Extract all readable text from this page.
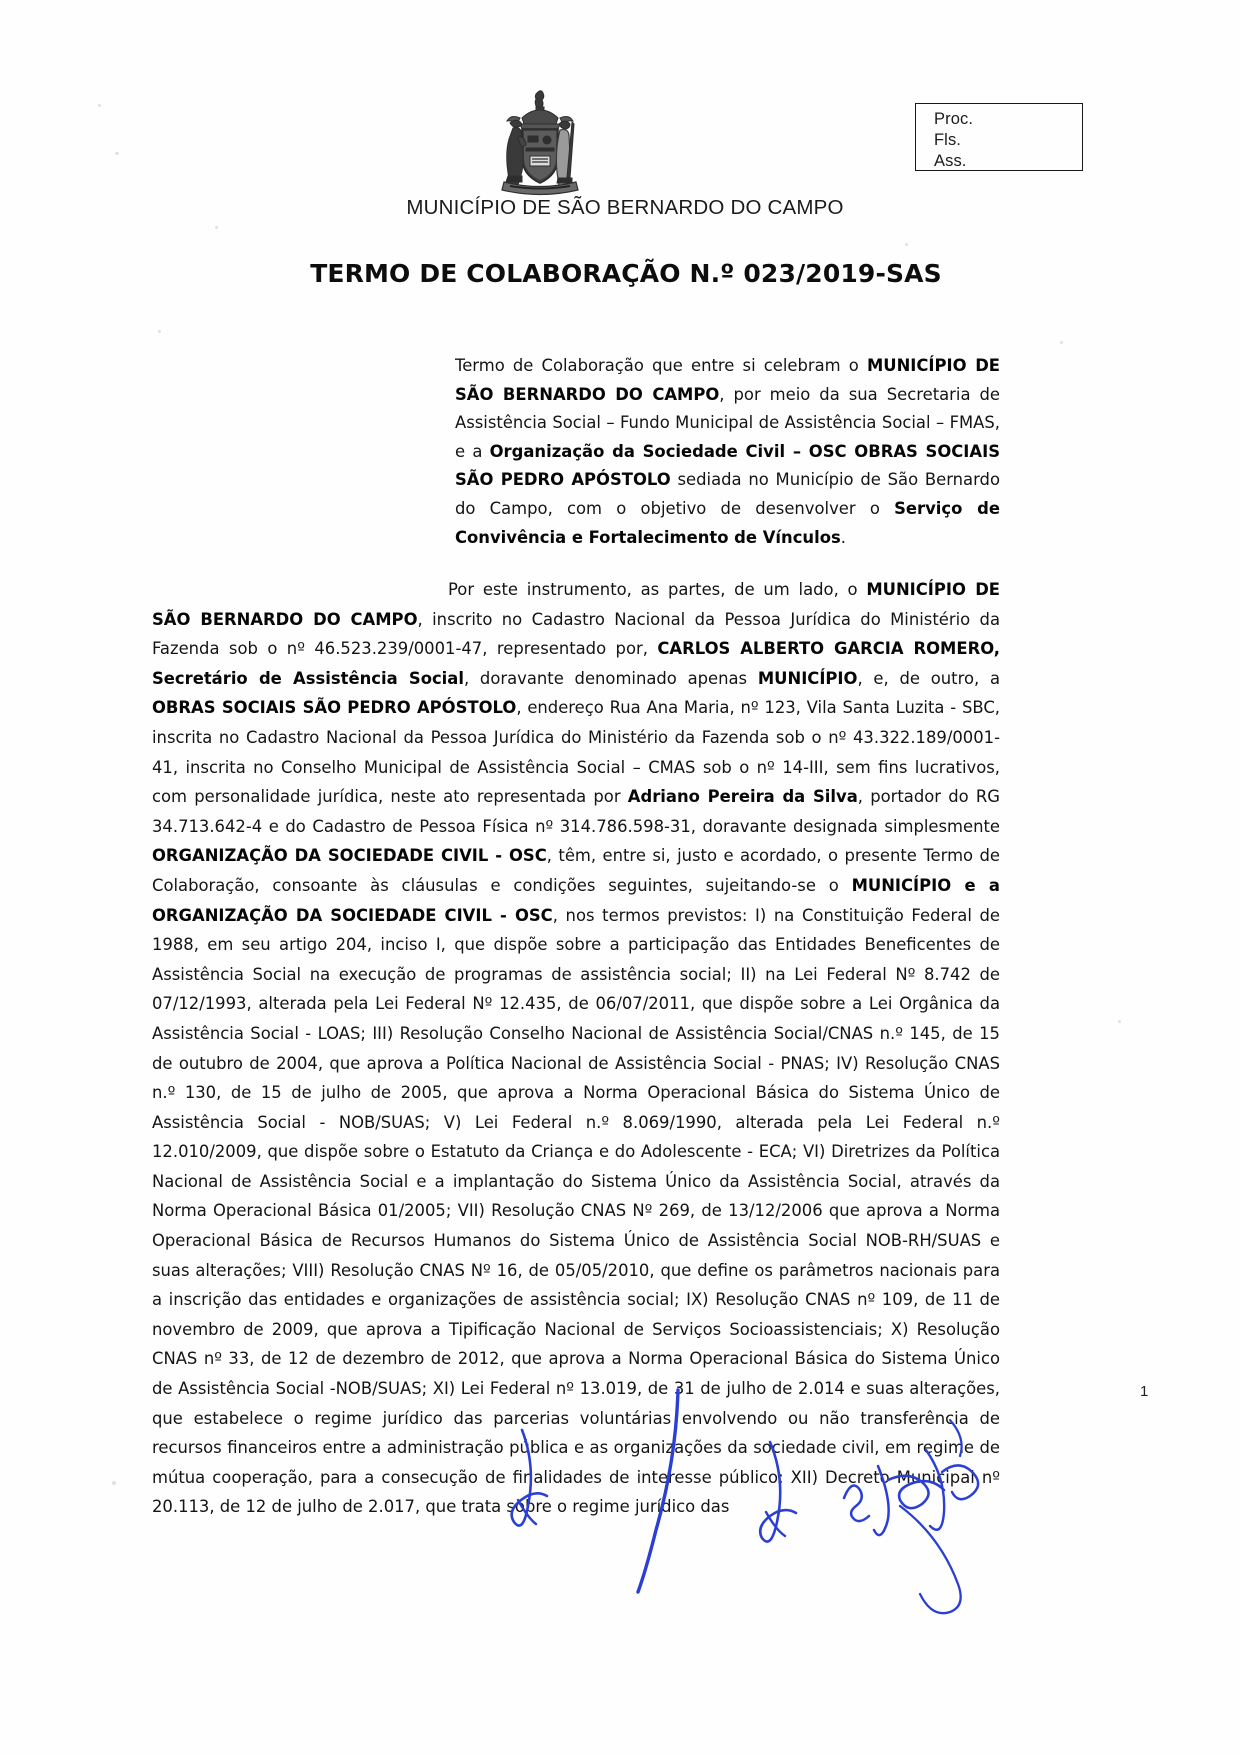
Proc.
Fls.
Ass.
MUNICÍPIO DE SÃO BERNARDO DO CAMPO
TERMO DE COLABORAÇÃO N.º 023/2019-SAS
Termo de Colaboração que entre si celebram o MUNICÍPIO DE SÃO BERNARDO DO CAMPO, por meio da sua Secretaria de Assistência Social – Fundo Municipal de Assistência Social – FMAS, e a Organização da Sociedade Civil – OSC OBRAS SOCIAIS SÃO PEDRO APÓSTOLO sediada no Município de São Bernardo do Campo, com o objetivo de desenvolver o Serviço de Convivência e Fortalecimento de Vínculos.
Por este instrumento, as partes, de um lado, o MUNICÍPIO DE SÃO BERNARDO DO CAMPO, inscrito no Cadastro Nacional da Pessoa Jurídica do Ministério da Fazenda sob o nº 46.523.239/0001-47, representado por, CARLOS ALBERTO GARCIA ROMERO, Secretário de Assistência Social, doravante denominado apenas MUNICÍPIO, e, de outro, a OBRAS SOCIAIS SÃO PEDRO APÓSTOLO, endereço Rua Ana Maria, nº 123, Vila Santa Luzita - SBC, inscrita no Cadastro Nacional da Pessoa Jurídica do Ministério da Fazenda sob o nº 43.322.189/0001-41, inscrita no Conselho Municipal de Assistência Social – CMAS sob o nº 14-III, sem fins lucrativos, com personalidade jurídica, neste ato representada por Adriano Pereira da Silva, portador do RG 34.713.642-4 e do Cadastro de Pessoa Física nº 314.786.598-31, doravante designada simplesmente ORGANIZAÇÃO DA SOCIEDADE CIVIL - OSC, têm, entre si, justo e acordado, o presente Termo de Colaboração, consoante às cláusulas e condições seguintes, sujeitando-se o MUNICÍPIO e a ORGANIZAÇÃO DA SOCIEDADE CIVIL - OSC, nos termos previstos: I) na Constituição Federal de 1988, em seu artigo 204, inciso I, que dispõe sobre a participação das Entidades Beneficentes de Assistência Social na execução de programas de assistência social; II) na Lei Federal Nº 8.742 de 07/12/1993, alterada pela Lei Federal Nº 12.435, de 06/07/2011, que dispõe sobre a Lei Orgânica da Assistência Social - LOAS; III) Resolução Conselho Nacional de Assistência Social/CNAS n.º 145, de 15 de outubro de 2004, que aprova a Política Nacional de Assistência Social - PNAS; IV) Resolução CNAS n.º 130, de 15 de julho de 2005, que aprova a Norma Operacional Básica do Sistema Único de Assistência Social - NOB/SUAS; V) Lei Federal n.º 8.069/1990, alterada pela Lei Federal n.º 12.010/2009, que dispõe sobre o Estatuto da Criança e do Adolescente - ECA; VI) Diretrizes da Política Nacional de Assistência Social e a implantação do Sistema Único da Assistência Social, através da Norma Operacional Básica 01/2005; VII) Resolução CNAS Nº 269, de 13/12/2006 que aprova a Norma Operacional Básica de Recursos Humanos do Sistema Único de Assistência Social NOB-RH/SUAS e suas alterações; VIII) Resolução CNAS Nº 16, de 05/05/2010, que define os parâmetros nacionais para a inscrição das entidades e organizações de assistência social; IX) Resolução CNAS nº 109, de 11 de novembro de 2009, que aprova a Tipificação Nacional de Serviços Socioassistenciais; X) Resolução CNAS nº 33, de 12 de dezembro de 2012, que aprova a Norma Operacional Básica do Sistema Único de Assistência Social -NOB/SUAS; XI) Lei Federal nº 13.019, de 31 de julho de 2.014 e suas alterações, que estabelece o regime jurídico das parcerias voluntárias envolvendo ou não transferência de recursos financeiros entre a administração pública e as organizações da sociedade civil, em regime de mútua cooperação, para a consecução de finalidades de interesse público; XII) Decreto Municipal nº 20.113, de 12 de julho de 2.017, que trata sobre o regime jurídico das
1
